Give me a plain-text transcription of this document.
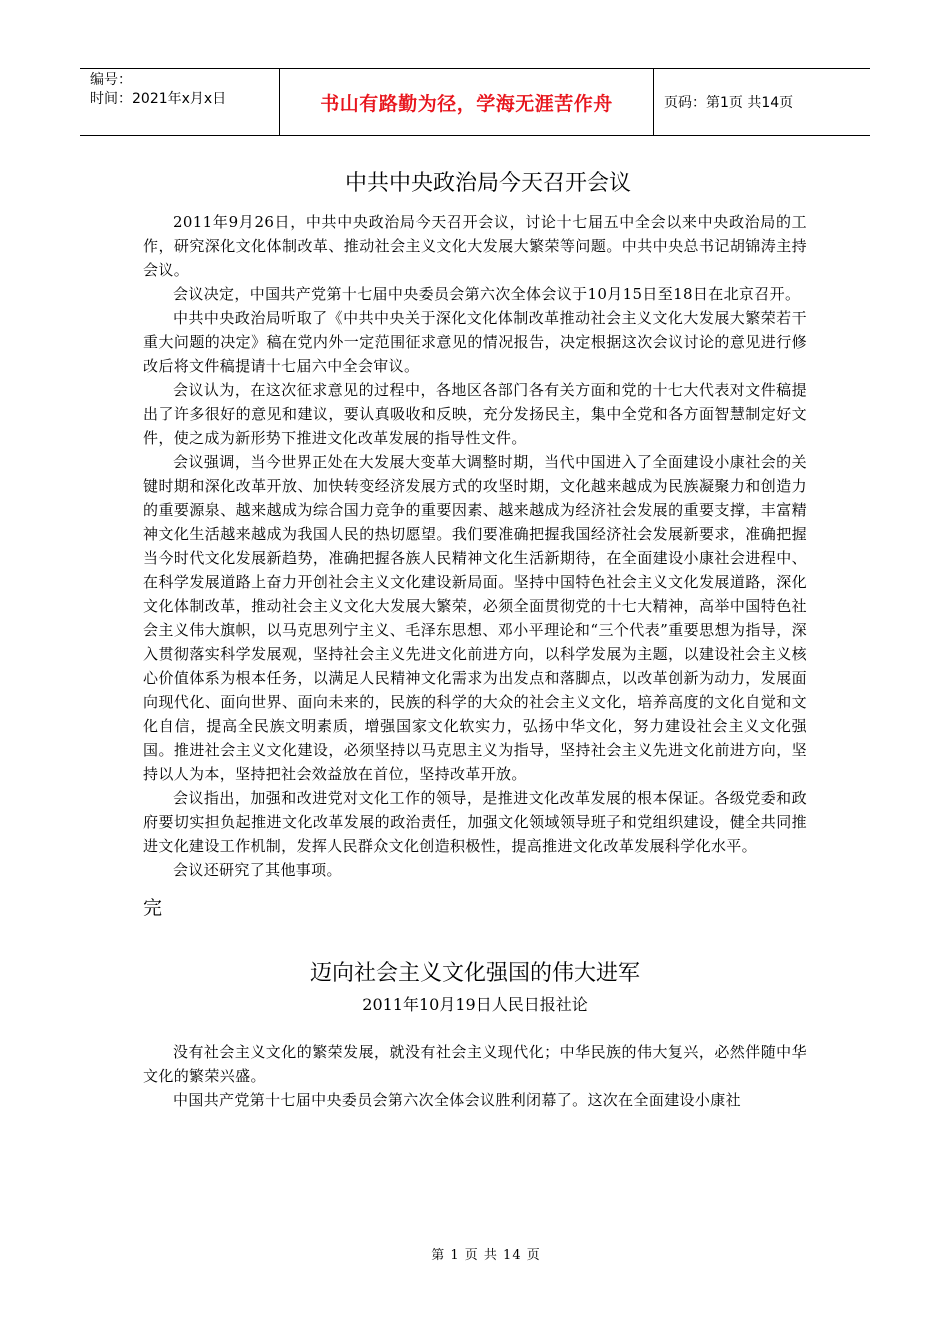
编号：
时间：2021年x月x日	书山有路勤为径，学海无涯苦作舟	页码：第1页 共14页
中共中央政治局今天召开会议

2011年9月26日，中共中央政治局今天召开会议，讨论十七届五中全会以来中央政治局的工作，研究深化文化体制改革、推动社会主义文化大发展大繁荣等问题。中共中央总书记胡锦涛主持会议。

会议决定，中国共产党第十七届中央委员会第六次全体会议于10月15日至18日在北京召开。

中共中央政治局听取了《中共中央关于深化文化体制改革推动社会主义文化大发展大繁荣若干重大问题的决定》稿在党内外一定范围征求意见的情况报告，决定根据这次会议讨论的意见进行修改后将文件稿提请十七届六中全会审议。

会议认为，在这次征求意见的过程中，各地区各部门各有关方面和党的十七大代表对文件稿提出了许多很好的意见和建议，要认真吸收和反映，充分发扬民主，集中全党和各方面智慧制定好文件，使之成为新形势下推进文化改革发展的指导性文件。

会议强调，当今世界正处在大发展大变革大调整时期，当代中国进入了全面建设小康社会的关键时期和深化改革开放、加快转变经济发展方式的攻坚时期，文化越来越成为民族凝聚力和创造力的重要源泉、越来越成为综合国力竞争的重要因素、越来越成为经济社会发展的重要支撑，丰富精神文化生活越来越成为我国人民的热切愿望。我们要准确把握我国经济社会发展新要求，准确把握当今时代文化发展新趋势，准确把握各族人民精神文化生活新期待，在全面建设小康社会进程中、在科学发展道路上奋力开创社会主义文化建设新局面。坚持中国特色社会主义文化发展道路，深化文化体制改革，推动社会主义文化大发展大繁荣，必须全面贯彻党的十七大精神，高举中国特色社会主义伟大旗帜，以马克思列宁主义、毛泽东思想、邓小平理论和“三个代表”重要思想为指导，深入贯彻落实科学发展观，坚持社会主义先进文化前进方向，以科学发展为主题，以建设社会主义核心价值体系为根本任务，以满足人民精神文化需求为出发点和落脚点，以改革创新为动力，发展面向现代化、面向世界、面向未来的，民族的科学的大众的社会主义文化，培养高度的文化自觉和文化自信，提高全民族文明素质，增强国家文化软实力，弘扬中华文化，努力建设社会主义文化强国。推进社会主义文化建设，必须坚持以马克思主义为指导，坚持社会主义先进文化前进方向，坚持以人为本，坚持把社会效益放在首位，坚持改革开放。

会议指出，加强和改进党对文化工作的领导，是推进文化改革发展的根本保证。各级党委和政府要切实担负起推进文化改革发展的政治责任，加强文化领域领导班子和党组织建设，健全共同推进文化建设工作机制，发挥人民群众文化创造积极性，提高推进文化改革发展科学化水平。

会议还研究了其他事项。

完
迈向社会主义文化强国的伟大进军
2011年10月19日人民日报社论

没有社会主义文化的繁荣发展，就没有社会主义现代化；中华民族的伟大复兴，必然伴随中华文化的繁荣兴盛。

中国共产党第十七届中央委员会第六次全体会议胜利闭幕了。这次在全面建设小康社

第 1 页 共 14 页
